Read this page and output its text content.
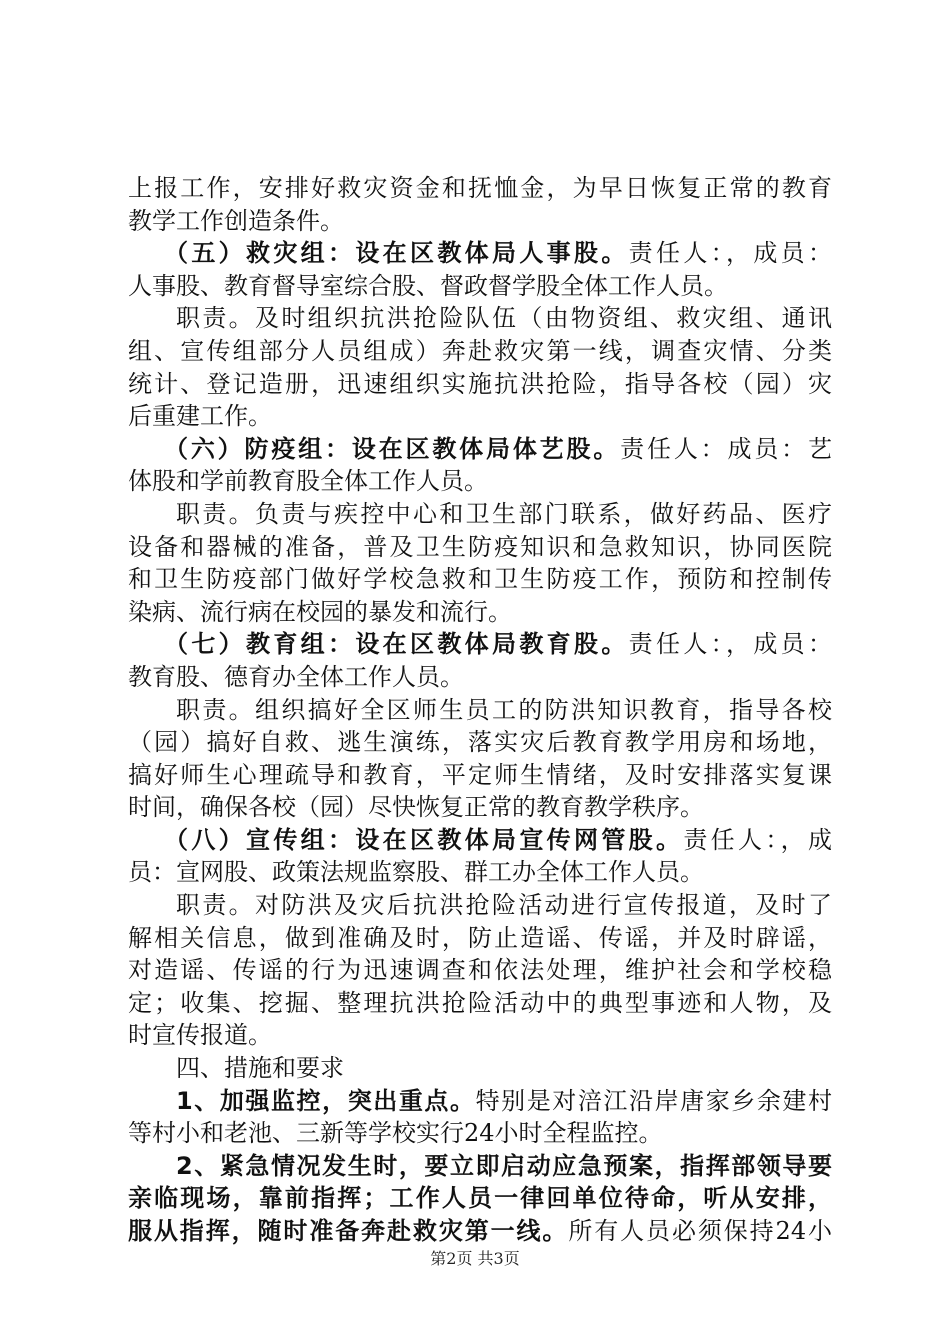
上报工作，安排好救灾资金和抚恤金，为早日恢复正常的教育
教学工作创造条件。
（五）救灾组：设在区教体局人事股。责任人：，成员：
人事股、教育督导室综合股、督政督学股全体工作人员。
职责。及时组织抗洪抢险队伍（由物资组、救灾组、通讯
组、宣传组部分人员组成）奔赴救灾第一线，调查灾情、分类
统计、登记造册，迅速组织实施抗洪抢险，指导各校（园）灾
后重建工作。
（六）防疫组：设在区教体局体艺股。责任人：成员：艺
体股和学前教育股全体工作人员。
职责。负责与疾控中心和卫生部门联系，做好药品、医疗
设备和器械的准备，普及卫生防疫知识和急救知识，协同医院
和卫生防疫部门做好学校急救和卫生防疫工作，预防和控制传
染病、流行病在校园的暴发和流行。
（七）教育组：设在区教体局教育股。责任人：，成员：
教育股、德育办全体工作人员。
职责。组织搞好全区师生员工的防洪知识教育，指导各校
（园）搞好自救、逃生演练，落实灾后教育教学用房和场地，
搞好师生心理疏导和教育，平定师生情绪，及时安排落实复课
时间，确保各校（园）尽快恢复正常的教育教学秩序。
（八）宣传组：设在区教体局宣传网管股。责任人：，成
员：宣网股、政策法规监察股、群工办全体工作人员。
职责。对防洪及灾后抗洪抢险活动进行宣传报道，及时了
解相关信息，做到准确及时，防止造谣、传谣，并及时辟谣，
对造谣、传谣的行为迅速调查和依法处理，维护社会和学校稳
定；收集、挖掘、整理抗洪抢险活动中的典型事迹和人物，及
时宣传报道。
四、措施和要求
1、加强监控，突出重点。特别是对涪江沿岸唐家乡余建村
等村小和老池、三新等学校实行24小时全程监控。
2、紧急情况发生时，要立即启动应急预案，指挥部领导要
亲临现场，靠前指挥；工作人员一律回单位待命，听从安排，
服从指挥，随时准备奔赴救灾第一线。所有人员必须保持24小
第2页 共3页
